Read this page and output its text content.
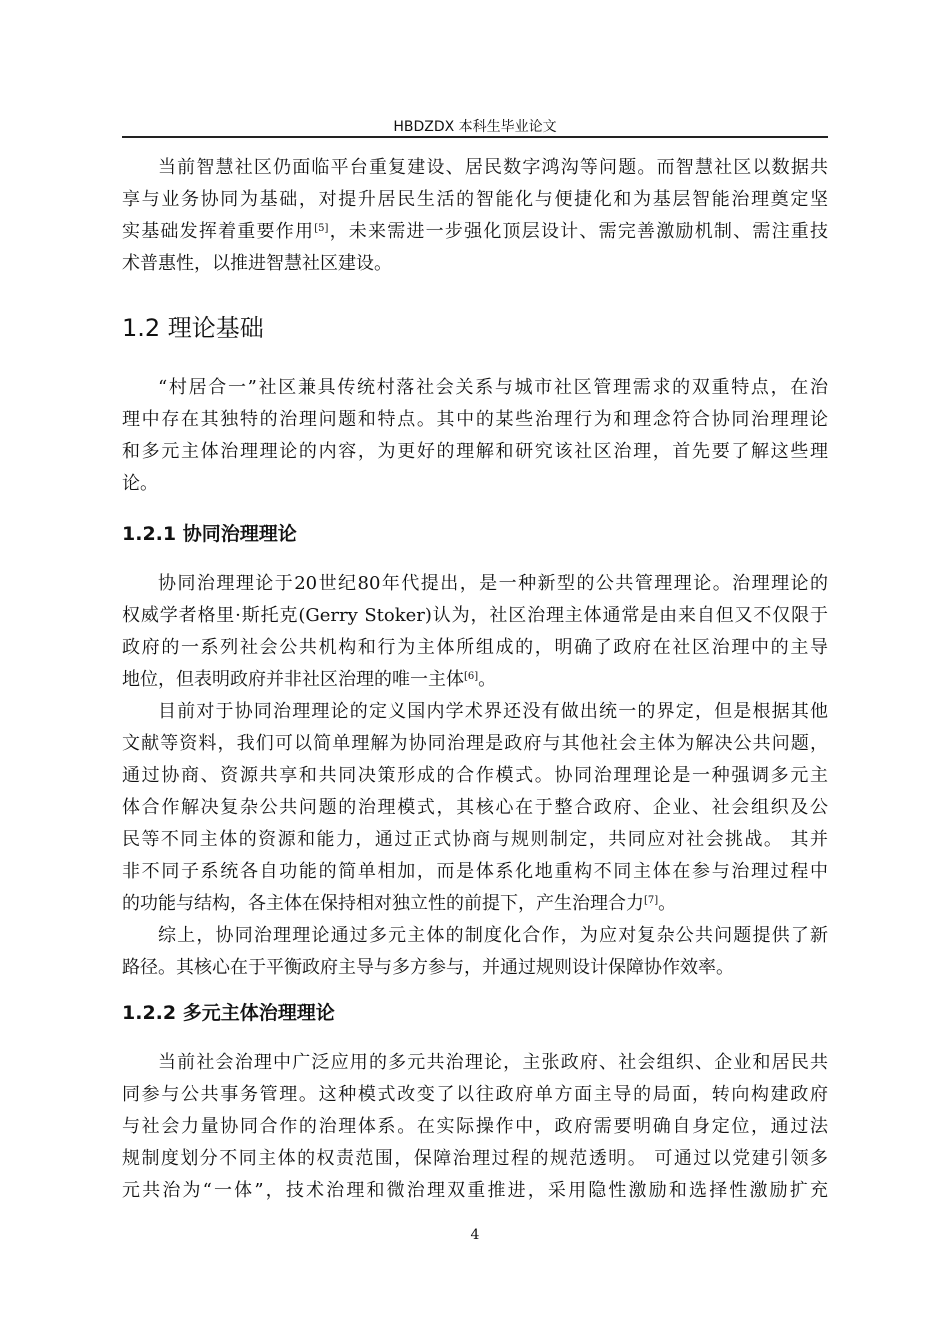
HBDZDX 本科生毕业论文
当前智慧社区仍面临平台重复建设、居民数字鸿沟等问题。而智慧社区以数据共
享与业务协同为基础，对提升居民生活的智能化与便捷化和为基层智能治理奠定坚
实基础发挥着重要作用[5]，未来需进一步强化顶层设计、需完善激励机制、需注重技
术普惠性，以推进智慧社区建设。
1.2 理论基础
“村居合一”社区兼具传统村落社会关系与城市社区管理需求的双重特点，在治
理中存在其独特的治理问题和特点。其中的某些治理行为和理念符合协同治理理论
和多元主体治理理论的内容，为更好的理解和研究该社区治理，首先要了解这些理
论。
1.2.1 协同治理理论
协同治理理论于20世纪80年代提出，是一种新型的公共管理理论。治理理论的
权威学者格里·斯托克(Gerry Stoker)认为，社区治理主体通常是由来自但又不仅限于
政府的一系列社会公共机构和行为主体所组成的，明确了政府在社区治理中的主导
地位，但表明政府并非社区治理的唯一主体[6]。
目前对于协同治理理论的定义国内学术界还没有做出统一的界定，但是根据其他
文献等资料，我们可以简单理解为协同治理是政府与其他社会主体为解决公共问题，
通过协商、资源共享和共同决策形成的合作模式。协同治理理论是一种强调多元主
体合作解决复杂公共问题的治理模式，其核心在于整合政府、企业、社会组织及公
民等不同主体的资源和能力，通过正式协商与规则制定，共同应对社会挑战。 其并
非不同子系统各自功能的简单相加，而是体系化地重构不同主体在参与治理过程中
的功能与结构，各主体在保持相对独立性的前提下，产生治理合力[7]。
综上，协同治理理论通过多元主体的制度化合作，为应对复杂公共问题提供了新
路径。其核心在于平衡政府主导与多方参与，并通过规则设计保障协作效率。
1.2.2 多元主体治理理论
当前社会治理中广泛应用的多元共治理论，主张政府、社会组织、企业和居民共
同参与公共事务管理。这种模式改变了以往政府单方面主导的局面，转向构建政府
与社会力量协同合作的治理体系。在实际操作中，政府需要明确自身定位，通过法
规制度划分不同主体的权责范围，保障治理过程的规范透明。 可通过以党建引领多
元共治为“一体”，技术治理和微治理双重推进，采用隐性激励和选择性激励扩充
4
